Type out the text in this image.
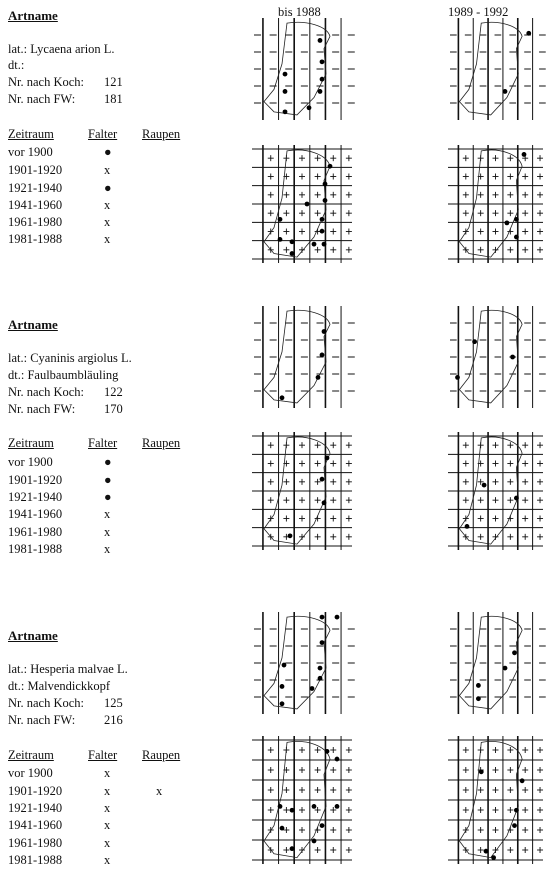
bis 1988	1989 - 1992
Artname
lat.: Lycaena arion L.
dt.:
Nr. nach Koch: 121
Nr. nach FW: 181
Zeitraum	Falter Raupen
vor 1900	●
1901-1920	x
1921-1940	●
1941-1960	x
1961-1980	x
1981-1988	x
Artname
lat.: Cyaninis argiolus L.
dt.: Faulbaumbläuling
Nr. nach Koch: 122
Nr. nach FW: 170
Zeitraum	Falter Raupen
vor 1900	●
1901-1920	●
1921-1940	●
1941-1960	x
1961-1980	x
1981-1988	x
Artname
lat.: Hesperia malvae L.
dt.: Malvendickkopf
Nr. nach Koch: 125
Nr. nach FW: 216
Zeitraum	Falter Raupen
vor 1900	x
1901-1920	x	x
1921-1940	x
1941-1960	x
1961-1980	x
1981-1988	x
